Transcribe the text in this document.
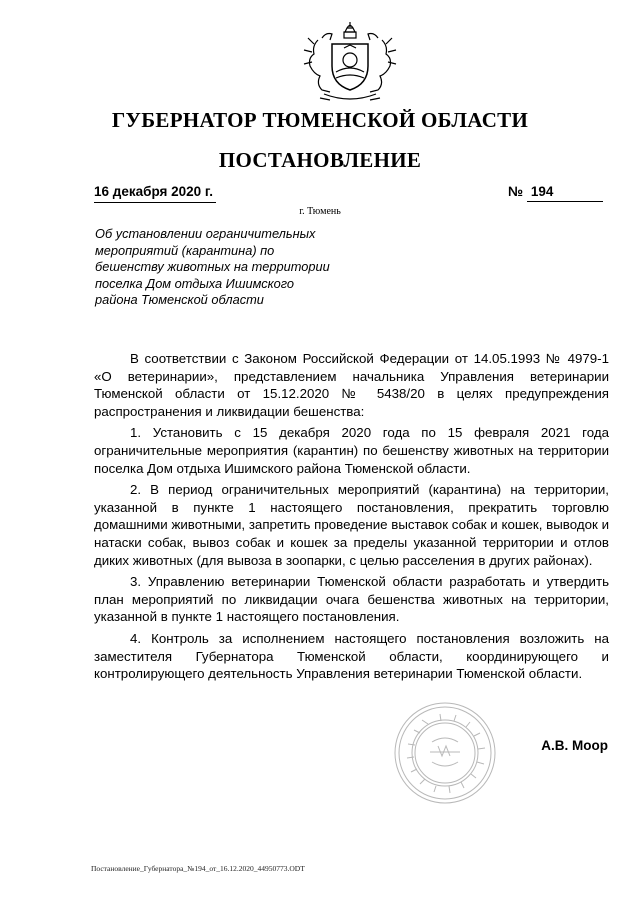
ГУБЕРНАТОР ТЮМЕНСКОЙ ОБЛАСТИ
ПОСТАНОВЛЕНИЕ
16 декабря 2020 г.	№ 194
г. Тюмень
Об установлении ограничительных
мероприятий (карантина) по
бешенству животных на территории
поселка Дом отдыха Ишимского
района Тюменской области

В соответствии с Законом Российской Федерации от 14.05.1993 № 4979-1 «О ветеринарии», представлением начальника Управления ветеринарии Тюменской области от 15.12.2020 № 5438/20 в целях предупреждения распространения и ликвидации бешенства:

1. Установить с 15 декабря 2020 года по 15 февраля 2021 года ограничительные мероприятия (карантин) по бешенству животных на территории поселка Дом отдыха Ишимского района Тюменской области.

2. В период ограничительных мероприятий (карантина) на территории, указанной в пункте 1 настоящего постановления, прекратить торговлю домашними животными, запретить проведение выставок собак и кошек, выводок и натаски собак, вывоз собак и кошек за пределы указанной территории и отлов диких животных (для вывоза в зоопарки, с целью расселения в других районах).

3. Управлению ветеринарии Тюменской области разработать и утвердить план мероприятий по ликвидации очага бешенства животных на территории, указанной в пункте 1 настоящего постановления.

4. Контроль за исполнением настоящего постановления возложить на заместителя Губернатора Тюменской области, координирующего и контролирующего деятельность Управления ветеринарии Тюменской области.

А.В. Моор
Постановление_Губернатора_№194_от_16.12.2020_44950773.ODT
